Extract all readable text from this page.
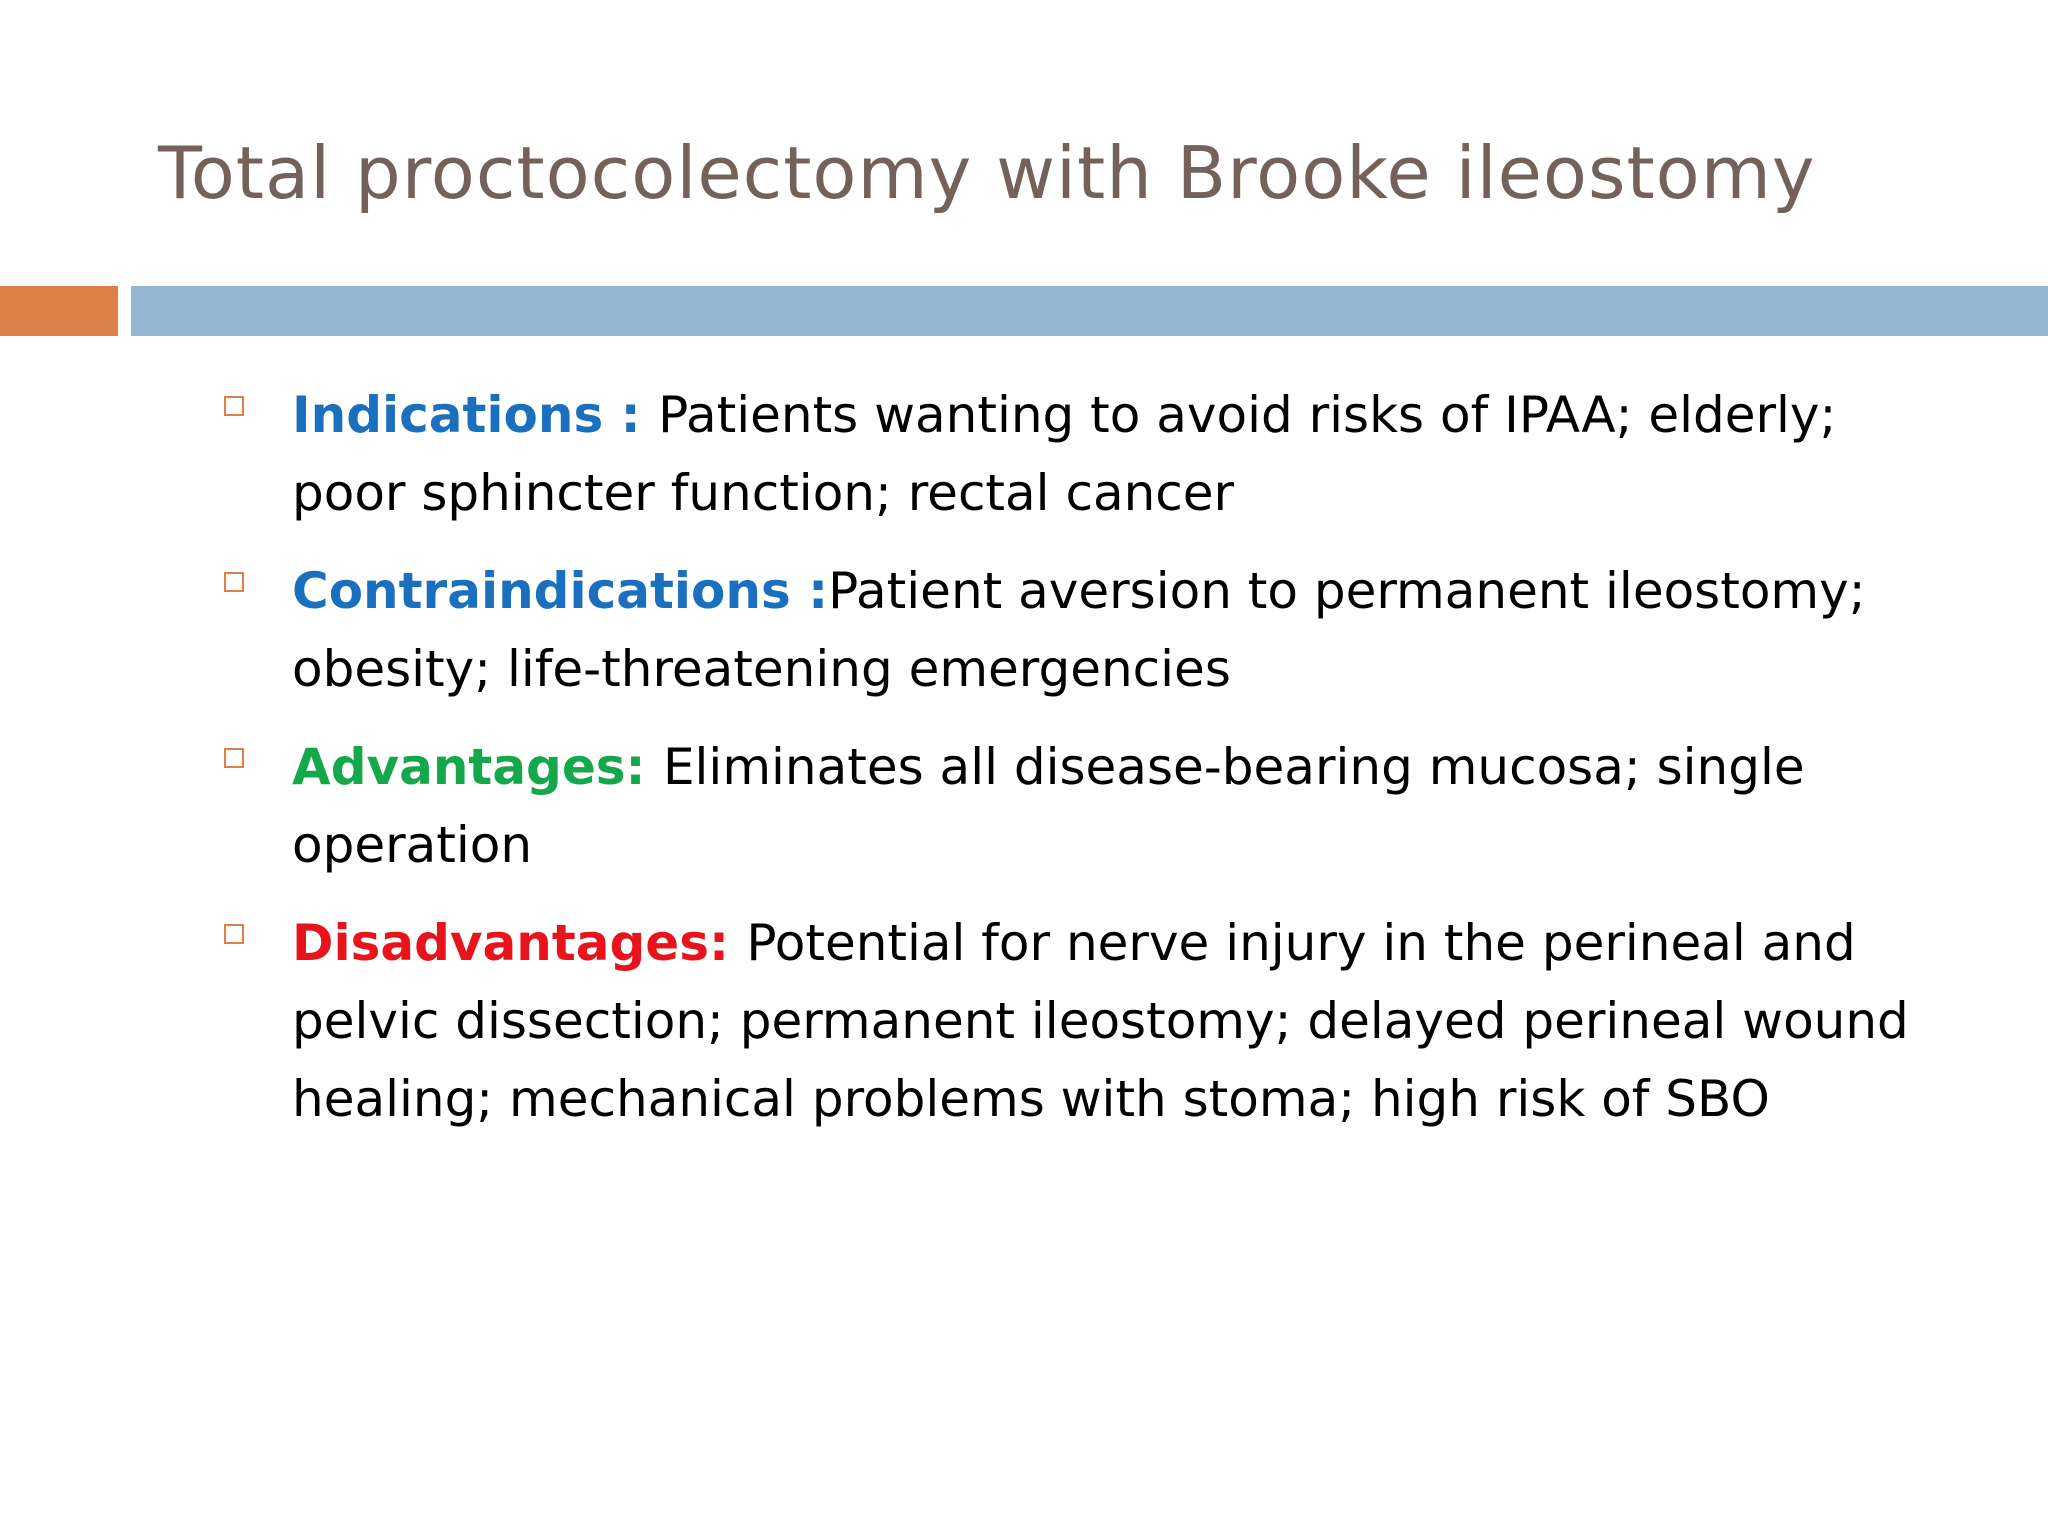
Total proctocolectomy with Brooke ileostomy
Indications : Patients wanting to avoid risks of IPAA; elderly; poor sphincter function; rectal cancer
Contraindications :Patient aversion to permanent ileostomy; obesity; life-threatening emergencies
Advantages: Eliminates all disease-bearing mucosa; single operation
Disadvantages: Potential for nerve injury in the perineal and pelvic dissection; permanent ileostomy; delayed perineal wound healing; mechanical problems with stoma; high risk of SBO
